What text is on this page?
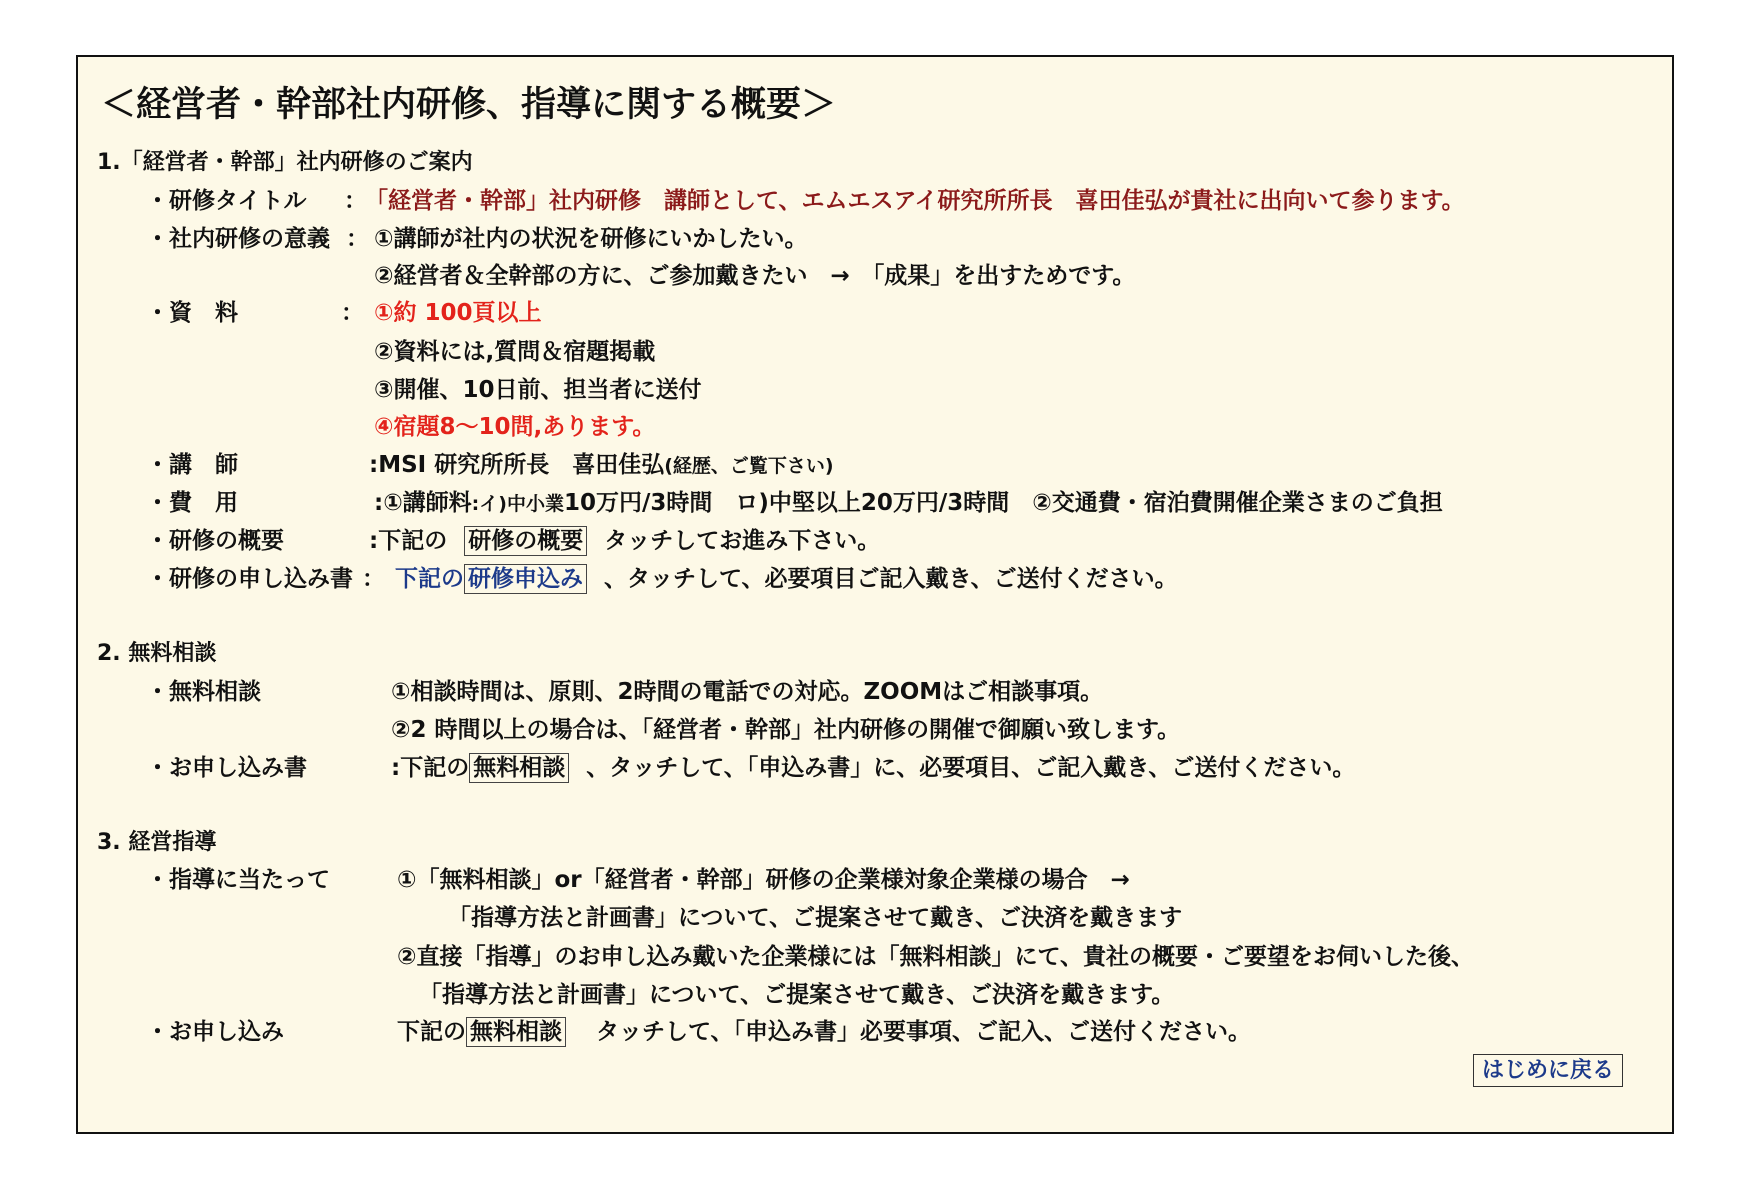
＜経営者・幹部社内研修、指導に関する概要＞
1.「経営者・幹部」社内研修のご案内
・研修タイトル ：
「経営者・幹部」社内研修　講師として、エムエスアイ研究所所長　喜田佳弘が貴社に出向いて参ります。
・社内研修の意義 ： ①講師が社内の状況を研修にいかしたい。
②経営者＆全幹部の方に、ご参加戴きたい　→　「成果」を出すためです。
・資　料	： ①約 100頁以上
②資料には,質問＆宿題掲載
③開催、10日前、担当者に送付
④宿題8～10問,あります。
・講　師	:MSI 研究所所長　喜田佳弘(経歴、ご覧下さい)
・費　用	:①講師料:イ)中小業10万円/3時間　ロ)中堅以上20万円/3時間　②交通費・宿泊費開催企業さまのご負担
・研修の概要	:下記の 研修の概要 タッチしてお進み下さい。
・研修の申し込み書 ： 下記の 研修申込み 、タッチして、必要項目ご記入戴き、ご送付ください。
2. 無料相談
・無料相談	①相談時間は、原則、2時間の電話での対応。ZOOMはご相談事項。
②2 時間以上の場合は、「経営者・幹部」社内研修の開催で御願い致します。
・お申し込み書	:下記の 無料相談 、タッチして、「申込み書」に、必要項目、ご記入戴き、ご送付ください。
3. 経営指導
・指導に当たって	①「無料相談」or「経営者・幹部」研修の企業様対象企業様の場合　→
「指導方法と計画書」について、ご提案させて戴き、ご決済を戴きます
②直接「指導」のお申し込み戴いた企業様には「無料相談」にて、貴社の概要・ご要望をお伺いした後、
「指導方法と計画書」について、ご提案させて戴き、ご決済を戴きます。
・お申し込み	下記の 無料相談 タッチして、「申込み書」必要事項、ご記入、ご送付ください。
はじめに戻る
